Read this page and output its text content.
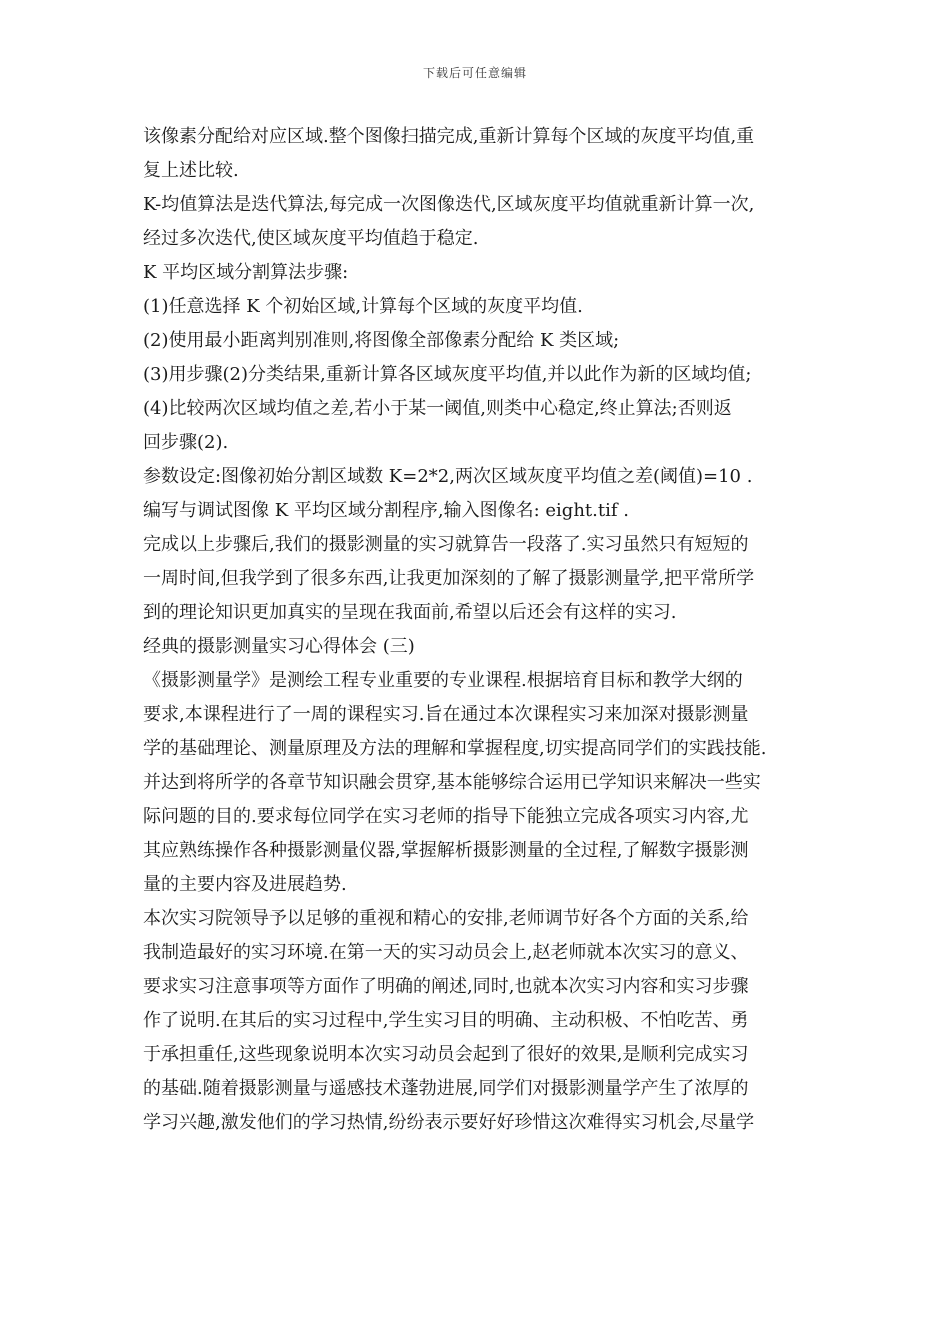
下载后可任意编辑
该像素分配给对应区域.整个图像扫描完成,重新计算每个区域的灰度平均值,重
复上述比较.
K-均值算法是迭代算法,每完成一次图像迭代,区域灰度平均值就重新计算一次,
经过多次迭代,使区域灰度平均值趋于稳定.
K 平均区域分割算法步骤:
(1)任意选择 K 个初始区域,计算每个区域的灰度平均值.
(2)使用最小距离判别准则,将图像全部像素分配给 K 类区域;
(3)用步骤(2)分类结果,重新计算各区域灰度平均值,并以此作为新的区域均值;
(4)比较两次区域均值之差,若小于某一阈值,则类中心稳定,终止算法;否则返
回步骤(2).
参数设定:图像初始分割区域数 K=2*2,两次区域灰度平均值之差(阈值)=10 .
编写与调试图像 K 平均区域分割程序,输入图像名: eight.tif .
完成以上步骤后,我们的摄影测量的实习就算告一段落了.实习虽然只有短短的
一周时间,但我学到了很多东西,让我更加深刻的了解了摄影测量学,把平常所学
到的理论知识更加真实的呈现在我面前,希望以后还会有这样的实习.
经典的摄影测量实习心得体会 (三)
《摄影测量学》是测绘工程专业重要的专业课程.根据培育目标和教学大纲的
要求,本课程进行了一周的课程实习.旨在通过本次课程实习来加深对摄影测量
学的基础理论、测量原理及方法的理解和掌握程度,切实提高同学们的实践技能.
并达到将所学的各章节知识融会贯穿,基本能够综合运用已学知识来解决一些实
际问题的目的.要求每位同学在实习老师的指导下能独立完成各项实习内容,尤
其应熟练操作各种摄影测量仪器,掌握解析摄影测量的全过程,了解数字摄影测
量的主要内容及进展趋势.
本次实习院领导予以足够的重视和精心的安排,老师调节好各个方面的关系,给
我制造最好的实习环境.在第一天的实习动员会上,赵老师就本次实习的意义、
要求实习注意事项等方面作了明确的阐述,同时,也就本次实习内容和实习步骤
作了说明.在其后的实习过程中,学生实习目的明确、主动积极、不怕吃苦、勇
于承担重任,这些现象说明本次实习动员会起到了很好的效果,是顺利完成实习
的基础.随着摄影测量与遥感技术蓬勃进展,同学们对摄影测量学产生了浓厚的
学习兴趣,激发他们的学习热情,纷纷表示要好好珍惜这次难得实习机会,尽量学
